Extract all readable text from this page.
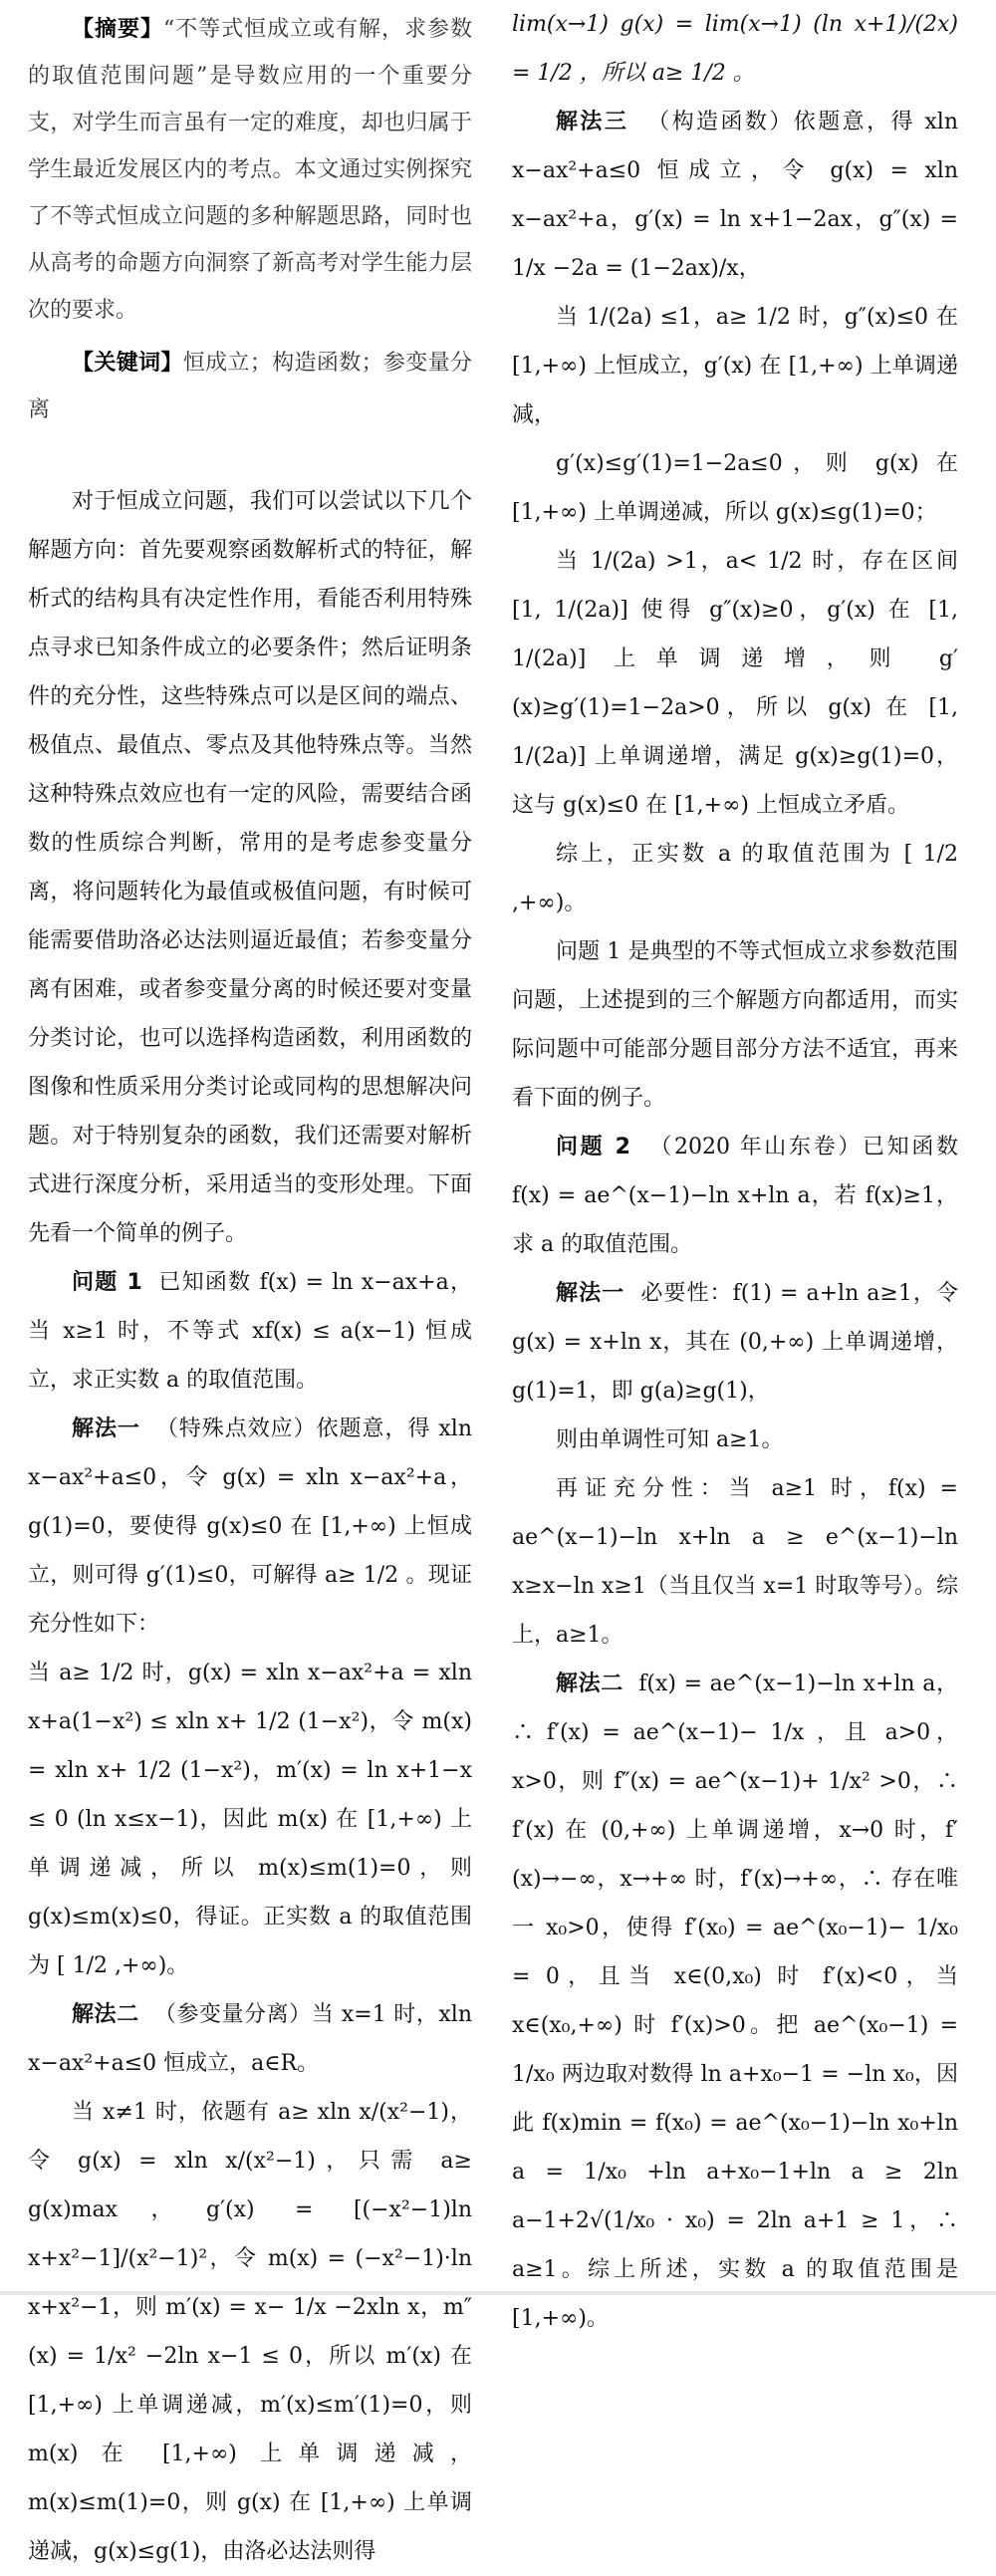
【摘要】“不等式恒成立或有解，求参数的取值范围问题”是导数应用的一个重要分支，对学生而言虽有一定的难度，却也归属于学生最近发展区内的考点。本文通过实例探究了不等式恒成立问题的多种解题思路，同时也从高考的命题方向洞察了新高考对学生能力层次的要求。

【关键词】恒成立；构造函数；参变量分离

对于恒成立问题，我们可以尝试以下几个解题方向：首先要观察函数解析式的特征，解析式的结构具有决定性作用，看能否利用特殊点寻求已知条件成立的必要条件；然后证明条件的充分性，这些特殊点可以是区间的端点、极值点、最值点、零点及其他特殊点等。当然这种特殊点效应也有一定的风险，需要结合函数的性质综合判断，常用的是考虑参变量分离，将问题转化为最值或极值问题，有时候可能需要借助洛必达法则逼近最值；若参变量分离有困难，或者参变量分离的时候还要对变量分类讨论，也可以选择构造函数，利用函数的图像和性质采用分类讨论或同构的思想解决问题。对于特别复杂的函数，我们还需要对解析式进行深度分析，采用适当的变形处理。下面先看一个简单的例子。

问题 1 已知函数 f(x) = ln x−ax+a，当 x≥1 时，不等式 xf(x) ≤ a(x−1) 恒成立，求正实数 a 的取值范围。

解法一 （特殊点效应）依题意，得 xln x−ax²+a≤0，令 g(x) = xln x−ax²+a，g(1)=0，要使得 g(x)≤0 在 [1,+∞) 上恒成立，则可得 g′(1)≤0，可解得 a≥ 1/2 。现证充分性如下：

当 a≥ 1/2 时，g(x) = xln x−ax²+a = xln x+a(1−x²) ≤ xln x+ 1/2 (1−x²)，令 m(x) = xln x+ 1/2 (1−x²)，m′(x) = ln x+1−x ≤ 0 (ln x≤x−1)，因此 m(x) 在 [1,+∞) 上单调递减，所以 m(x)≤m(1)=0，则 g(x)≤m(x)≤0，得证。正实数 a 的取值范围为 [ 1/2 ,+∞)。

解法二 （参变量分离）当 x=1 时，xln x−ax²+a≤0 恒成立，a∈R。

当 x≠1 时，依题有 a≥ xln x/(x²−1)，令 g(x) = xln x/(x²−1)，只需 a≥ g(x)max，g′(x) = [(−x²−1)ln x+x²−1]/(x²−1)²，令 m(x) = (−x²−1)·ln x+x²−1，则 m′(x) = x− 1/x −2xln x，m″(x) = 1/x² −2ln x−1 ≤ 0，所以 m′(x) 在 [1,+∞) 上单调递减，m′(x)≤m′(1)=0，则 m(x) 在 [1,+∞) 上单调递减，m(x)≤m(1)=0，则 g(x) 在 [1,+∞) 上单调递减，g(x)≤g(1)，由洛必达法则得

lim(x→1) g(x) = lim(x→1) (ln x+1)/(2x) = 1/2 ，所以 a≥ 1/2 。

解法三 （构造函数）依题意，得 xln x−ax²+a≤0 恒成立，令 g(x) = xln x−ax²+a，g′(x) = ln x+1−2ax，g″(x) = 1/x −2a = (1−2ax)/x，

当 1/(2a) ≤1，a≥ 1/2 时，g″(x)≤0 在 [1,+∞) 上恒成立，g′(x) 在 [1,+∞) 上单调递减，

g′(x)≤g′(1)=1−2a≤0，则 g(x) 在 [1,+∞) 上单调递减，所以 g(x)≤g(1)=0；

当 1/(2a) >1，a< 1/2 时，存在区间 [1, 1/(2a)] 使得 g″(x)≥0，g′(x) 在 [1, 1/(2a)] 上单调递增，则 g′(x)≥g′(1)=1−2a>0，所以 g(x) 在 [1, 1/(2a)] 上单调递增，满足 g(x)≥g(1)=0，这与 g(x)≤0 在 [1,+∞) 上恒成立矛盾。

综上，正实数 a 的取值范围为 [ 1/2 ,+∞)。

问题 1 是典型的不等式恒成立求参数范围问题，上述提到的三个解题方向都适用，而实际问题中可能部分题目部分方法不适宜，再来看下面的例子。

问题 2 （2020 年山东卷）已知函数 f(x) = ae^(x−1)−ln x+ln a，若 f(x)≥1，求 a 的取值范围。

解法一 必要性：f(1) = a+ln a≥1，令 g(x) = x+ln x，其在 (0,+∞) 上单调递增，g(1)=1，即 g(a)≥g(1)，

则由单调性可知 a≥1。

再证充分性：当 a≥1 时，f(x) = ae^(x−1)−ln x+ln a ≥ e^(x−1)−ln x≥x−ln x≥1（当且仅当 x=1 时取等号）。综上，a≥1。

解法二 f(x) = ae^(x−1)−ln x+ln a，∴ f′(x) = ae^(x−1)− 1/x ，且 a>0，x>0，则 f″(x) = ae^(x−1)+ 1/x² >0，∴ f′(x) 在 (0,+∞) 上单调递增，x→0 时，f′(x)→−∞，x→+∞ 时，f′(x)→+∞，∴ 存在唯一 x₀>0，使得 f′(x₀) = ae^(x₀−1)− 1/x₀ = 0，且当 x∈(0,x₀) 时 f′(x)<0，当 x∈(x₀,+∞) 时 f′(x)>0。把 ae^(x₀−1) = 1/x₀ 两边取对数得 ln a+x₀−1 = −ln x₀，因此 f(x)min = f(x₀) = ae^(x₀−1)−ln x₀+ln a = 1/x₀ +ln a+x₀−1+ln a ≥ 2ln a−1+2√(1/x₀ · x₀) = 2ln a+1 ≥ 1，∴ a≥1。综上所述，实数 a 的取值范围是 [1,+∞)。
